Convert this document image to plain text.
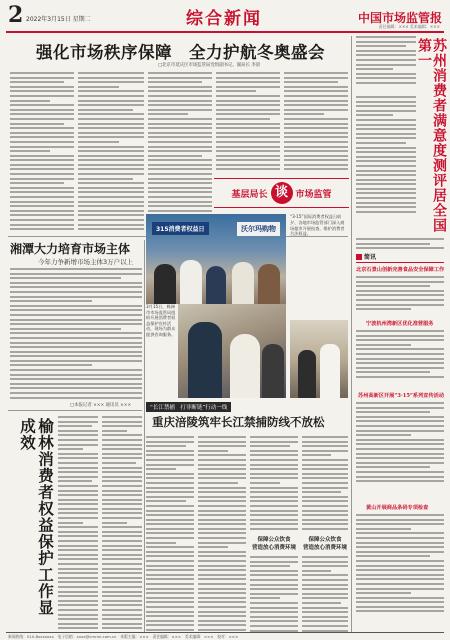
2 2022年3月15日 星期二	综合新闻	中国市场监管报
责任编辑：××× 美术编辑：×××
强化市场秩序保障　全力护航冬奥盛会
□北京市延庆区市场监管局党组副书记、副局长 李晨
基层局长 谈 市场监管
湘潭大力培育市场主体
今年力争新增市场主体3万户以上
□本报记者 ××× 通讯员 ×××
315消费者权益日	沃尔玛购物
3月15日，株洲市市场监管局组织开展消费者权益保护宣传活动，现场为群众提供咨询服务。
“3·15”国际消费者权益日前夕，各地市场监管部门深入商场超市开展检查，维护消费者合法权益。
“长江禁捕　打非断链”行动一线
重庆涪陵筑牢长江禁捕防线不放松
保障公众饮食
营造放心消费环境
保障公众饮食
营造放心消费环境
榆林消费者权益保护工作显成效
苏州消费者满意度测评居全国第一
简讯
北京石景山创新完善食品安全保障工作
宁波杭州湾新区优化准营服务
苏州高新区开展“3·15”系列宣传活动
黄山开展商品条码专项检查
新闻热线：010-8xxxxxxx　电子信箱：xxxx@cmrnn.com.cn　本版主编：×××　责任编辑：×××　美术编辑：×××　校对：×××
